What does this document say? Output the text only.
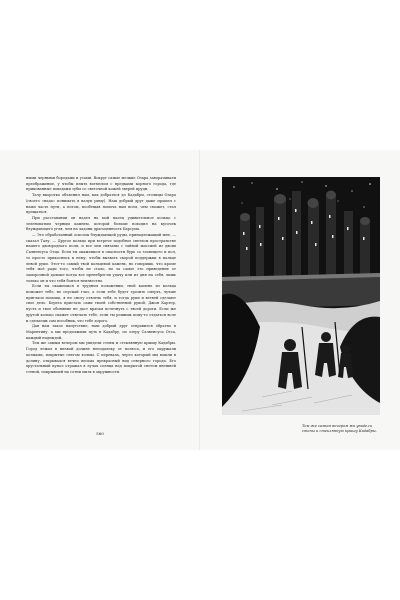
ными черными бородами и усами. Вокруг самые мелкие Озара заворачивали преображение, у чтобы плыть вотмелом с предками корного города, где прикованные поводами зубы со светочной кожей зверей пруди.

Талу вкоротко объяснил нам, как добраться до Кадабри, столицы Озара (своего «нада» понимать в валуп риму). Наш добрый друг даже прошел с нами часть пути, а потом, пообещав помочь нам всем, чем сможет, стал прощаться.

При расставании он надел на мой палец удивительное кольцо с зеленоватым черным камнем, которой больше походил на кусочек блуждающего угля, чем на ладони драгоценность Барсума.

— Это обработанный осколок блуждающей руды, принадлежащий мне, — сказал Талу. — Другое кольцо при встрече подобное светлом пространстве нашего двоюродного поля, и все они связаны с тайной миссией из двоих Салвенсуса Отца. Если ты окажешься в опасности бурь со зловещего и пол, то просто прикоснись к нему, чтобы вызвать скорой поддержки в пальце левой руки. Этот-то самый твой кольцевой камень, но говоришь, что кроме тебя моё ради того, чтобы не стало, но за самое это приведение от заморочной дальше когда все пренебрегли удачу или из дня на себя, лишь только он и что тебя боятся неизвестно.

Если ты окажешься в трудном положении, твой камень из кольца поможет тебе, не спускай глаз, а если тебе будет грозить смерть, лучше пригласи помощь, я не смогу отвлечь тебя, и тогда руки и ветвей сделают свое дело. Берега пристать сами твоей собственной рукой, Джон Картер, пусть и твое обоняние не даст врагам исчезнуть с твоей дороги. Если же другой кольцо скажет отвечать тебе, если ты решишь кому-то отдаться воле и сделаешь сам пособник, что тебе дорого.

Дав нам такое напутствие, наш добрый друг отправился обратно в Марентину, а мы продолжили путь в Кадабру, по озеру Салвенсуса Отса, каждый надеждой.

Тем же самым вечером мы увидели стены и стеклянную крышу Кадабры. Город лежал в низкой долине неподалеку от полюса, и его окружали холмами, покрытые снегом холмы. С перевала, через который мы вошли в долину, открывался вечно весьма прекрасный вид северного города. Его хрустальный купол отражал в лучах солнца над покрытой снегом внешней стеной, покрывшей на сотни миль в окружности.

560
Тем же самым вечером мы увидели стены и стеклянную крышу Кадабры.
